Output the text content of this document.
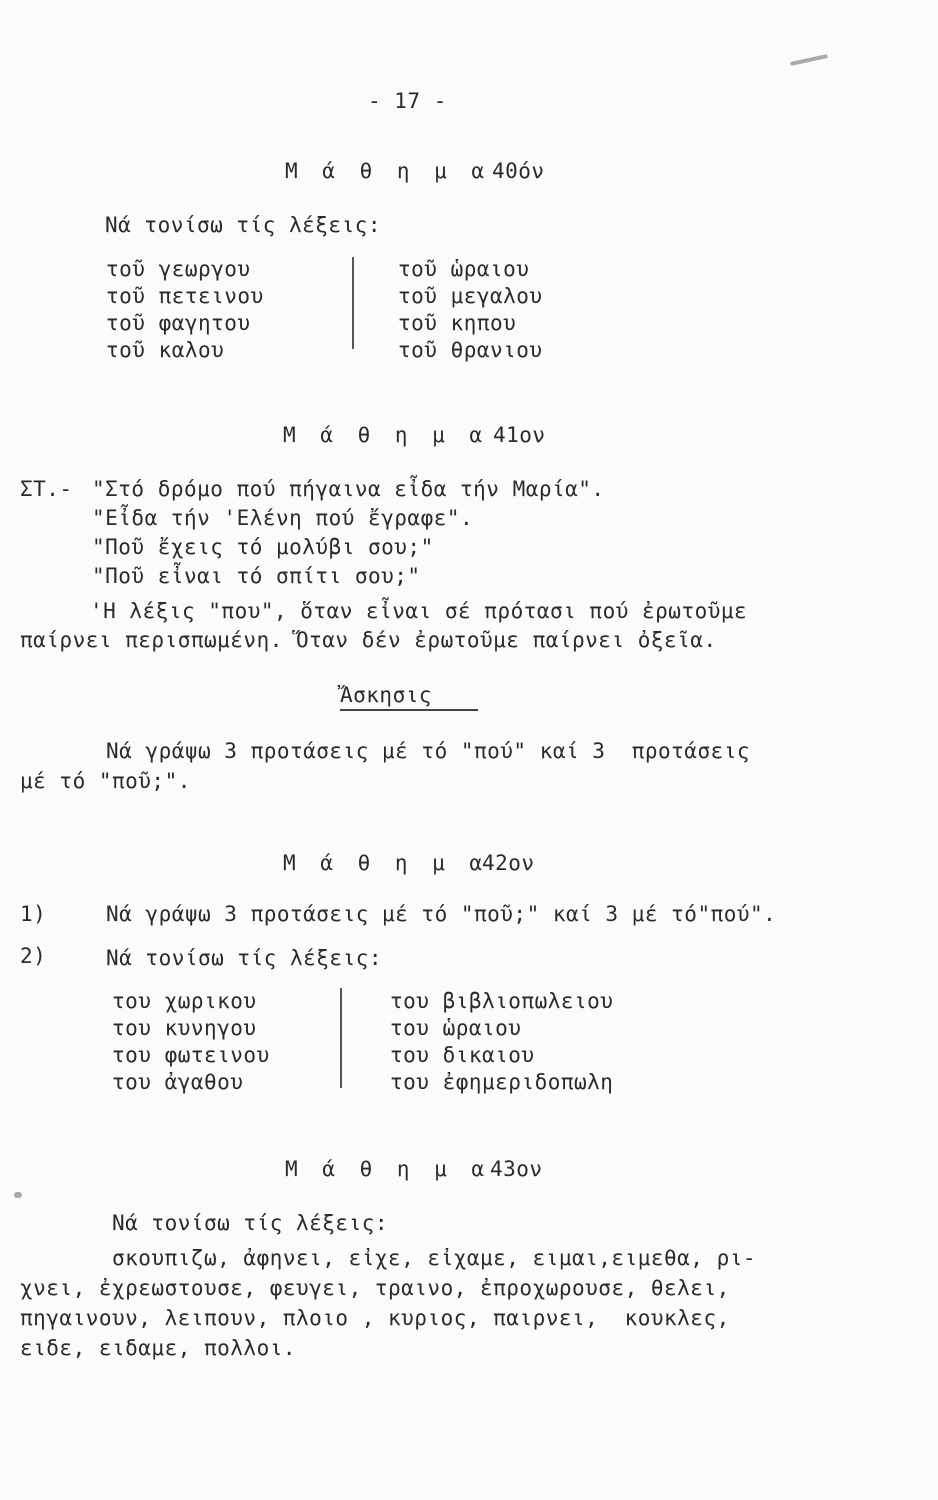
- 17 -
Μ ά θ η μ α 40όν
Νά τονίσω τίς λέξεις:
τοῦ γεωργου
τοῦ πετεινου
τοῦ φαγητου
τοῦ καλου
τοῦ ὡραιου
τοῦ μεγαλου
τοῦ κηπου
τοῦ θρανιου
Μ ά θ η μ α 41ον
ΣΤ.- "Στό δρόμο πού πήγαινα εἶδα τήν Μαρία".
"Εἶδα τήν 'Ελένη πού ἔγραφε".
"Ποῦ ἔχεις τό μολύβι σου;"
"Ποῦ εἶναι τό σπίτι σου;"
'Η λέξις "που", ὅταν εἶναι σέ πρότασι πού ἐρωτοῦμε
παίρνει περισπωμένη. Ὅταν δέν ἐρωτοῦμε παίρνει ὀξεῖα.
Ἄσκησις
Νά γράψω 3 προτάσεις μέ τό "πού" καί 3  προτάσεις
μέ τό "ποῦ;".
Μ ά θ η μ α
42ον
1)	Νά γράψω 3 προτάσεις μέ τό "ποῦ;" καί 3 μέ τό"πού".
2)	Νά τονίσω τίς λέξεις:
του χωρικου
του κυνηγου
του φωτεινου
του ἀγαθου
του βιβλιοπωλειου
του ὡραιου
του δικαιου
του ἐφημεριδοπωλη
Μ ά θ η μ α 43ον
Νά τονίσω τίς λέξεις:
σκουπιζω, ἀφηνει, εἰχε, εἰχαμε, ειμαι,ειμεθα, ρι-
χνει, ἐχρεωστουσε, φευγει, τραινο, ἐπροχωρουσε, θελει,
πηγαινουν, λειπουν, πλοιο , κυριος, παιρνει,  κουκλες,
ειδε, ειδαμε, πολλοι.
